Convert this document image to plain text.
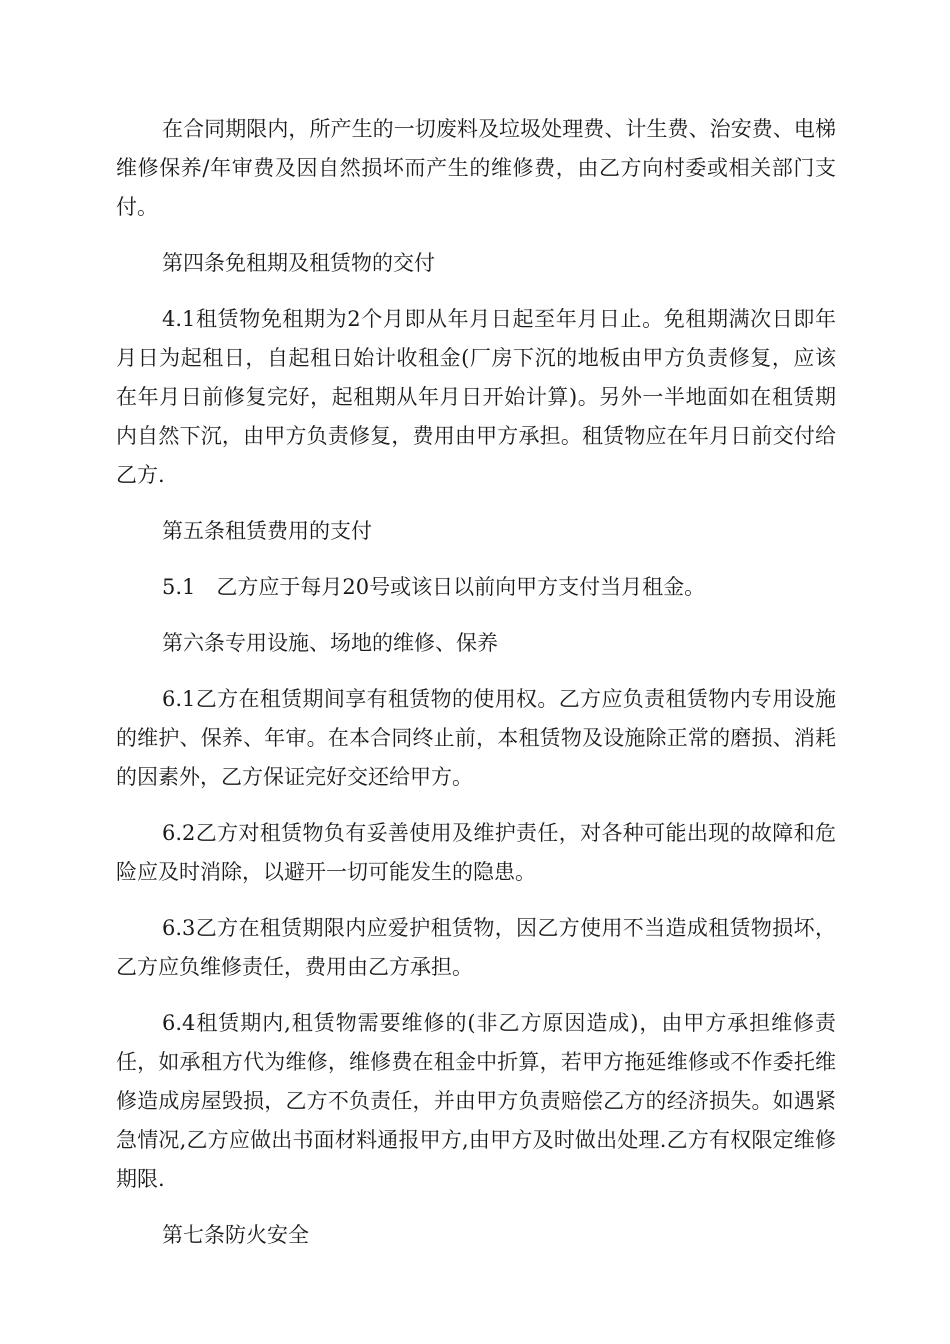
在合同期限内，所产生的一切废料及垃圾处理费、计生费、治安费、电梯维修保养/年审费及因自然损坏而产生的维修费，由乙方向村委或相关部门支付。

第四条免租期及租赁物的交付

4.1租赁物免租期为2个月即从年月日起至年月日止。免租期满次日即年月日为起租日，自起租日始计收租金(厂房下沉的地板由甲方负责修复，应该在年月日前修复完好，起租期从年月日开始计算)。另外一半地面如在租赁期内自然下沉，由甲方负责修复，费用由甲方承担。租赁物应在年月日前交付给乙方.

第五条租赁费用的支付

5.1　乙方应于每月20号或该日以前向甲方支付当月租金。

第六条专用设施、场地的维修、保养

6.1乙方在租赁期间享有租赁物的使用权。乙方应负责租赁物内专用设施的维护、保养、年审。在本合同终止前，本租赁物及设施除正常的磨损、消耗的因素外，乙方保证完好交还给甲方。

6.2乙方对租赁物负有妥善使用及维护责任，对各种可能出现的故障和危险应及时消除，以避开一切可能发生的隐患。

6.3乙方在租赁期限内应爱护租赁物，因乙方使用不当造成租赁物损坏，乙方应负维修责任，费用由乙方承担。

6.4租赁期内,租赁物需要维修的(非乙方原因造成)，由甲方承担维修责任，如承租方代为维修，维修费在租金中折算，若甲方拖延维修或不作委托维修造成房屋毁损，乙方不负责任，并由甲方负责赔偿乙方的经济损失。如遇紧急情况,乙方应做出书面材料通报甲方,由甲方及时做出处理.乙方有权限定维修期限.

第七条防火安全
